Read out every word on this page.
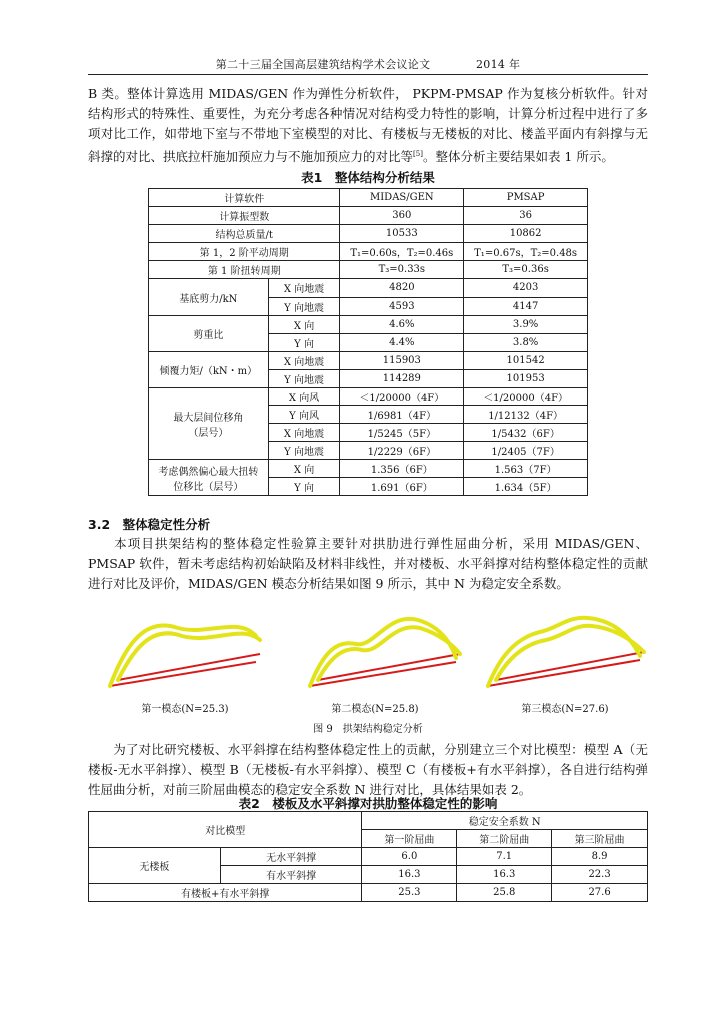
第二十三届全国高层建筑结构学术会议论文	2014 年

B 类。整体计算选用 MIDAS/GEN 作为弹性分析软件， PKPM-PMSAP 作为复核分析软件。针对结构形式的特殊性、重要性，为充分考虑各种情况对结构受力特性的影响，计算分析过程中进行了多项对比工作，如带地下室与不带地下室模型的对比、有楼板与无楼板的对比、楼盖平面内有斜撑与无斜撑的对比、拱底拉杆施加预应力与不施加预应力的对比等[5]。整体分析主要结果如表 1 所示。

表1　整体结构分析结果
计算软件		MIDAS/GEN	PMSAP
计算振型数		360	36
结构总质量/t		10533	10862
第 1，2 阶平动周期		T₁=0.60s，T₂=0.46s	T₁=0.67s，T₂=0.48s
第 1 阶扭转周期		T₃=0.33s	T₃=0.36s
基底剪力/kN	X 向地震	4820	4203
	Y 向地震	4593	4147
剪重比	X 向	4.6%	3.9%
	Y 向	4.4%	3.8%
倾覆力矩/（kN・m）	X 向地震	115903	101542
	Y 向地震	114289	101953
最大层间位移角
（层号）	X 向风	＜1/20000（4F）	＜1/20000（4F）
	Y 向风	1/6981（4F）	1/12132（4F）
	X 向地震	1/5245（5F）	1/5432（6F）
	Y 向地震	1/2229（6F）	1/2405（7F）
考虑偶然偏心最大扭转
位移比（层号）	X 向	1.356（6F）	1.563（7F）
	Y 向	1.691（6F）	1.634（5F）
3.2　整体稳定性分析

本项目拱架结构的整体稳定性验算主要针对拱肋进行弹性屈曲分析，采用 MIDAS/GEN、PMSAP 软件，暂未考虑结构初始缺陷及材料非线性，并对楼板、水平斜撑对结构整体稳定性的贡献进行对比及评价，MIDAS/GEN 模态分析结果如图 9 所示，其中 N 为稳定安全系数。

第一模态(N=25.3)	第二模态(N=25.8)	第三模态(N=27.6)
图 9　拱架结构稳定分析

为了对比研究楼板、水平斜撑在结构整体稳定性上的贡献，分别建立三个对比模型：模型 A（无楼板-无水平斜撑）、模型 B（无楼板-有水平斜撑）、模型 C（有楼板+有水平斜撑），各自进行结构弹性屈曲分析，对前三阶屈曲模态的稳定安全系数 N 进行对比，具体结果如表 2。

表2　楼板及水平斜撑对拱肋整体稳定性的影响
对比模型		稳定安全系数 N		
		第一阶屈曲	第二阶屈曲	第三阶屈曲
无楼板	无水平斜撑	6.0	7.1	8.9
	有水平斜撑	16.3	16.3	22.3
有楼板+有水平斜撑		25.3	25.8	27.6
